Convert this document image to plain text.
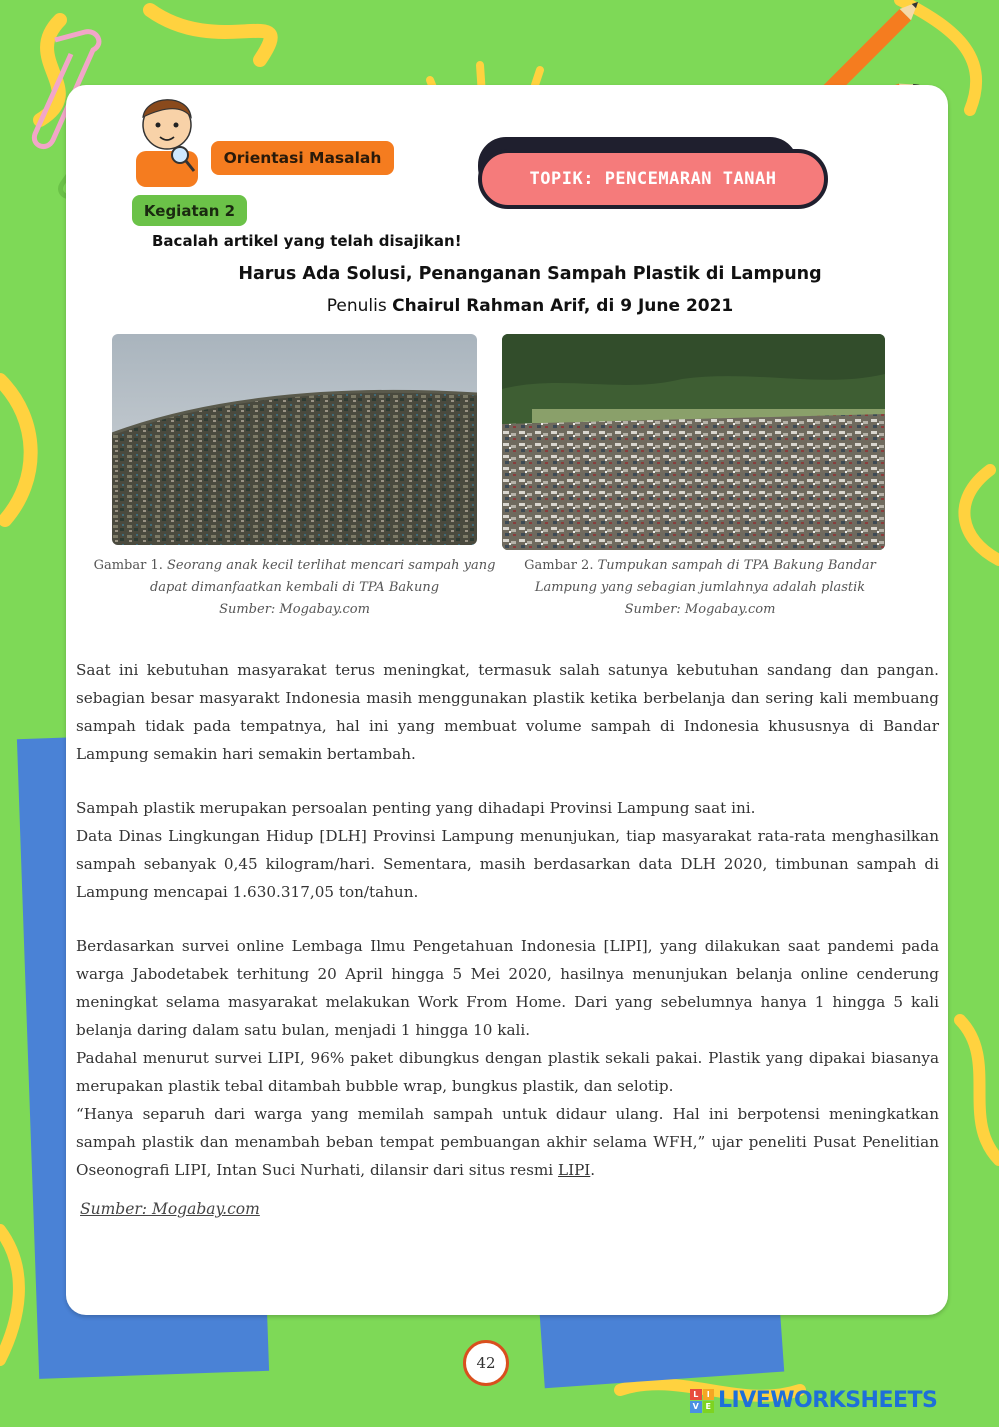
Orientasi Masalah
Kegiatan 2
TOPIK: PENCEMARAN TANAH
Bacalah artikel yang telah disajikan!
Harus Ada Solusi, Penanganan Sampah Plastik di Lampung
Penulis Chairul Rahman Arif, di 9 June 2021
Gambar 1. Seorang anak kecil terlihat mencari sampah yang dapat dimanfaatkan kembali di TPA Bakung
Sumber: Mogabay.com
Gambar 2. Tumpukan sampah di TPA Bakung Bandar Lampung yang sebagian jumlahnya adalah plastik
Sumber: Mogabay.com

Saat ini kebutuhan masyarakat terus meningkat, termasuk salah satunya kebutuhan sandang dan pangan. sebagian besar masyarakt Indonesia masih menggunakan plastik ketika berbelanja dan sering kali membuang sampah tidak pada tempatnya, hal ini yang membuat volume sampah di Indonesia khususnya di Bandar Lampung semakin hari semakin bertambah.

Sampah plastik merupakan persoalan penting yang dihadapi Provinsi Lampung saat ini.

Data Dinas Lingkungan Hidup [DLH] Provinsi Lampung menunjukan, tiap masyarakat rata-rata menghasilkan sampah sebanyak 0,45 kilogram/hari. Sementara, masih berdasarkan data DLH 2020, timbunan sampah di Lampung mencapai 1.630.317,05 ton/tahun.

Berdasarkan survei online Lembaga Ilmu Pengetahuan Indonesia [LIPI], yang dilakukan saat pandemi pada warga Jabodetabek terhitung 20 April hingga 5 Mei 2020, hasilnya menunjukan belanja online cenderung meningkat selama masyarakat melakukan Work From Home. Dari yang sebelumnya hanya 1 hingga 5 kali belanja daring dalam satu bulan, menjadi 1 hingga 10 kali.

Padahal menurut survei LIPI, 96% paket dibungkus dengan plastik sekali pakai. Plastik yang dipakai biasanya merupakan plastik tebal ditambah bubble wrap, bungkus plastik, dan selotip.

“Hanya separuh dari warga yang memilah sampah untuk didaur ulang. Hal ini berpotensi meningkatkan sampah plastik dan menambah beban tempat pembuangan akhir selama WFH,” ujar peneliti Pusat Penelitian Oseonografi LIPI, Intan Suci Nurhati, dilansir dari situs resmi LIPI.

Sumber: Mogabay.com
42
L	I
V E LIVEWORKSHEETS
